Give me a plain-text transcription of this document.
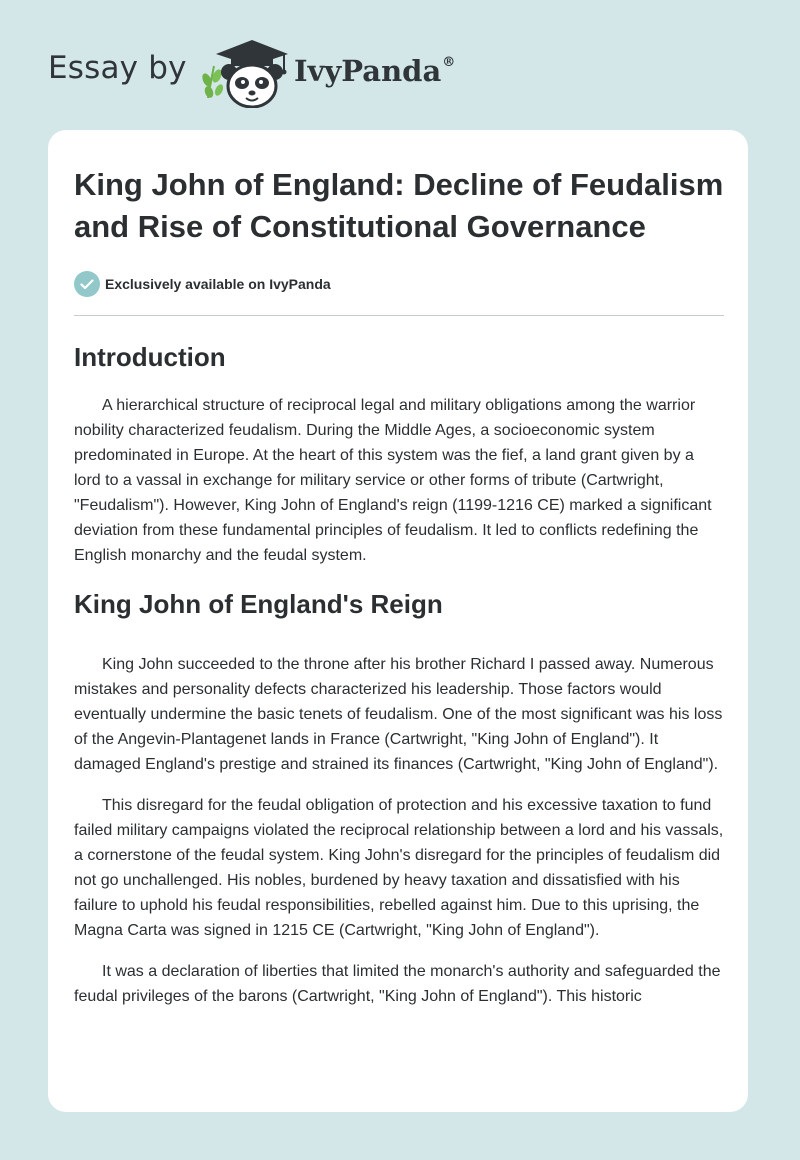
Essay by	IvyPanda®
King John of England: Decline of Feudalism and Rise of Constitutional Governance
Exclusively available on IvyPanda
Introduction

A hierarchical structure of reciprocal legal and military obligations among the warrior nobility characterized feudalism. During the Middle Ages, a socioeconomic system predominated in Europe. At the heart of this system was the fief, a land grant given by a lord to a vassal in exchange for military service or other forms of tribute (Cartwright, "Feudalism"). However, King John of England's reign (1199-1216 CE) marked a significant deviation from these fundamental principles of feudalism. It led to conflicts redefining the English monarchy and the feudal system.

King John of England's Reign

King John succeeded to the throne after his brother Richard I passed away. Numerous mistakes and personality defects characterized his leadership. Those factors would eventually undermine the basic tenets of feudalism. One of the most significant was his loss of the Angevin-Plantagenet lands in France (Cartwright, "King John of England"). It damaged England's prestige and strained its finances (Cartwright, "King John of England").

This disregard for the feudal obligation of protection and his excessive taxation to fund failed military campaigns violated the reciprocal relationship between a lord and his vassals, a cornerstone of the feudal system. King John's disregard for the principles of feudalism did not go unchallenged. His nobles, burdened by heavy taxation and dissatisfied with his failure to uphold his feudal responsibilities, rebelled against him. Due to this uprising, the Magna Carta was signed in 1215 CE (Cartwright, "King John of England").

It was a declaration of liberties that limited the monarch's authority and safeguarded the feudal privileges of the barons (Cartwright, "King John of England"). This historic
